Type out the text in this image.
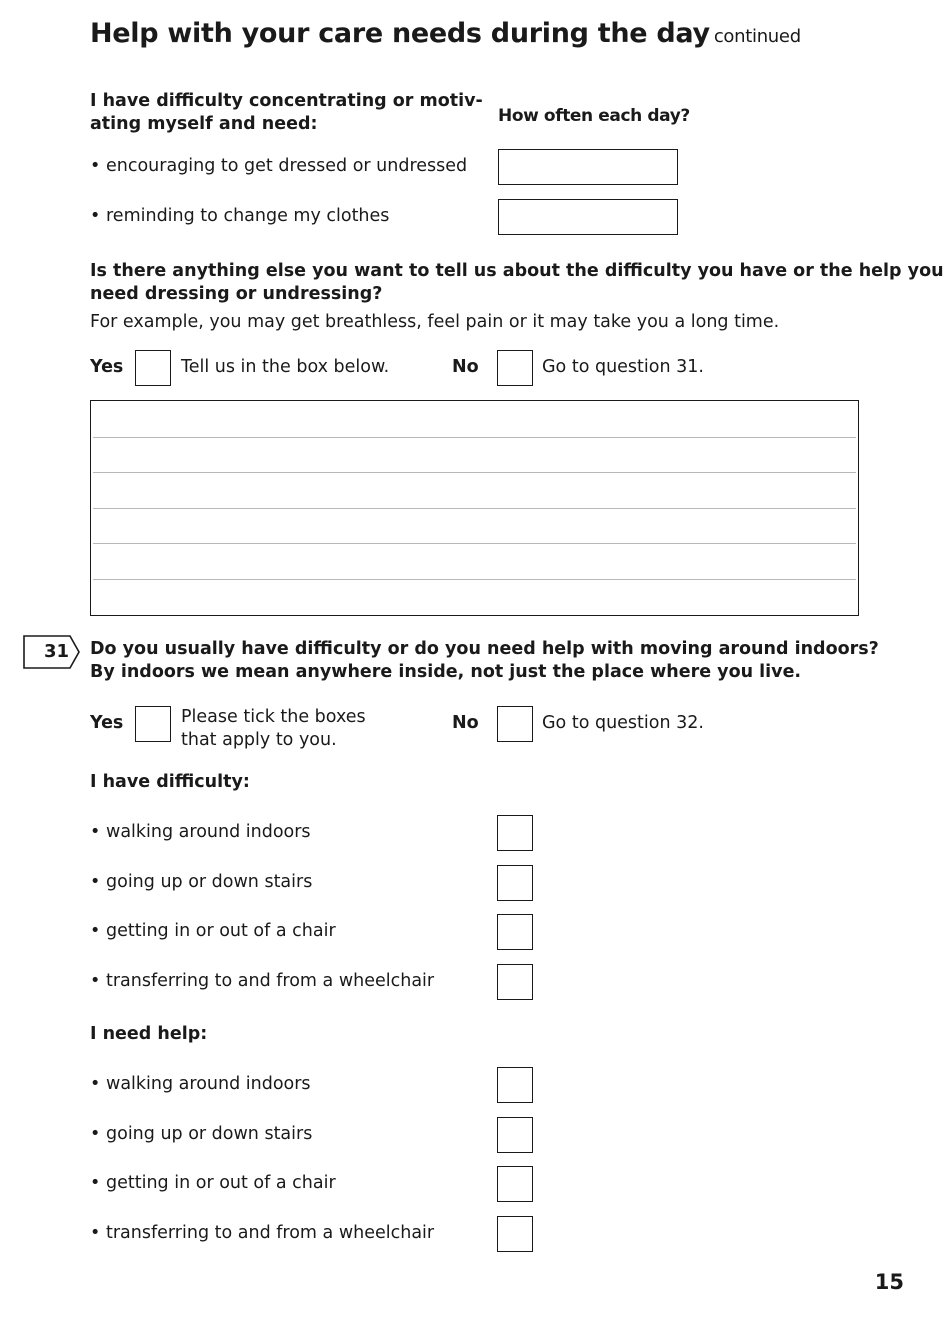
Help with your care needs during the day continued
I have difficulty concentrating or motiv-
ating myself and need:	How often each day?
• encouraging to get dressed or undressed
• reminding to change my clothes
Is there anything else you want to tell us about the difficulty you have or the help you
need dressing or undressing?
For example, you may get breathless, feel pain or it may take you a long time.
Yes	Tell us in the box below.	No	Go to question 31.
31 Do you usually have difficulty or do you need help with moving around indoors?
By indoors we mean anywhere inside, not just the place where you live.
Yes	Please tick the boxes
that apply to you.
No	Go to question 32.
I have difficulty:
• walking around indoors
• going up or down stairs
• getting in or out of a chair
• transferring to and from a wheelchair
I need help:
• walking around indoors
• going up or down stairs
• getting in or out of a chair
• transferring to and from a wheelchair
15
